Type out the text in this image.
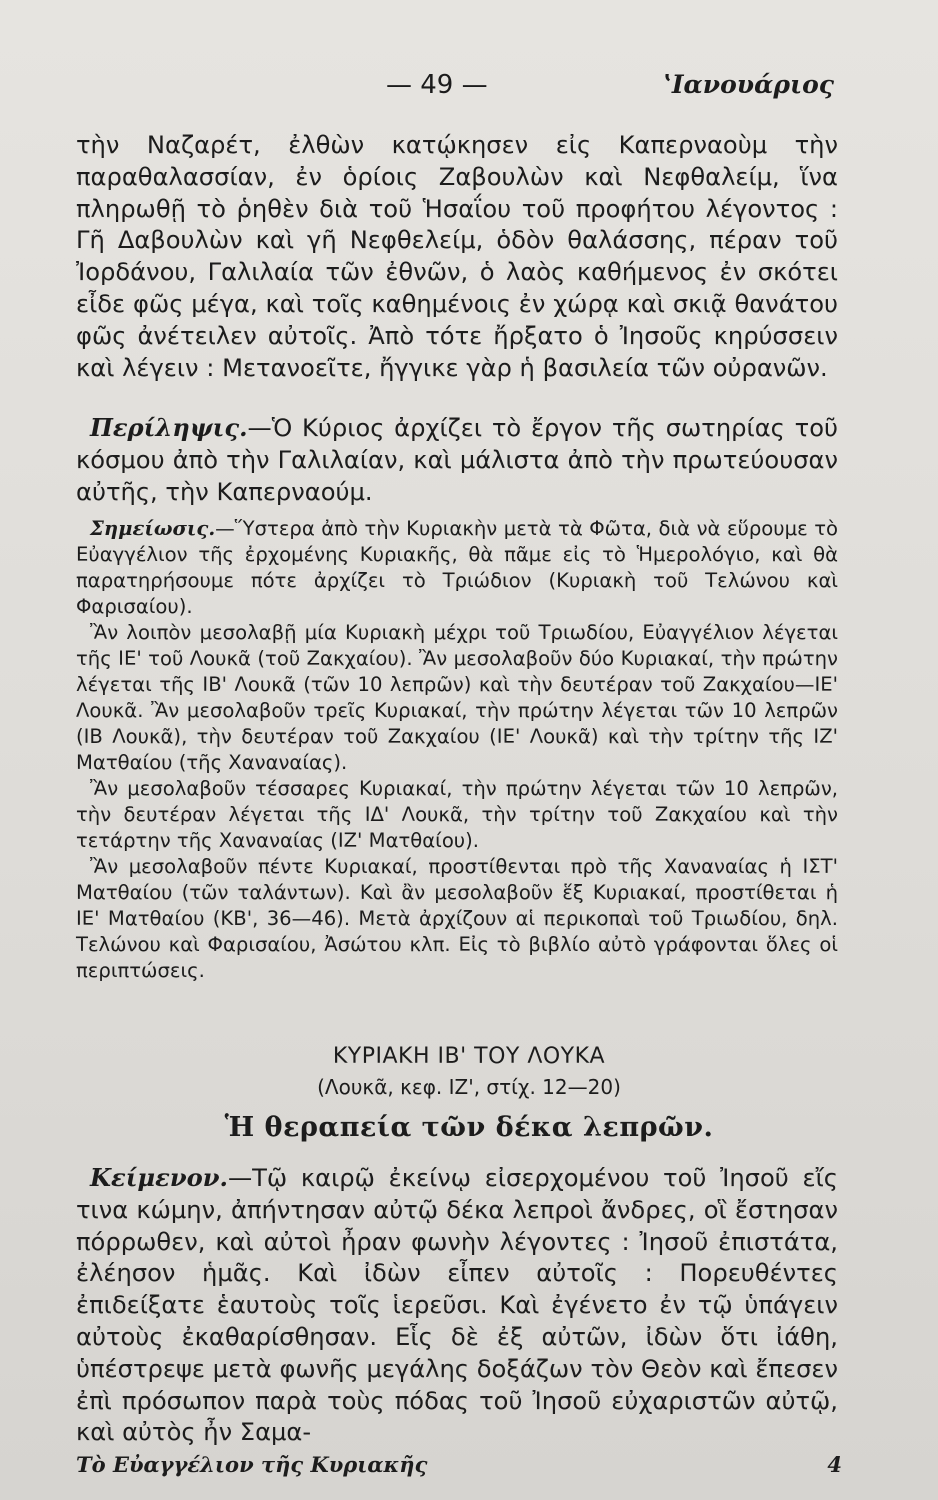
— 49 —	ʽΙανουάριος
τὴν Ναζαρέτ, ἐλθὼν κατῴκησεν εἰς Καπερναοὺμ τὴν παραθαλασσίαν, ἐν ὁρίοις Ζαβουλὼν καὶ Νεφθαλείμ, ἵνα πληρωθῇ τὸ ῥηθὲν διὰ τοῦ Ἡσαΐου τοῦ προφήτου λέγοντος : Γῆ Δαβουλὼν καὶ γῆ Νεφθελείμ, ὁδὸν θαλάσσης, πέραν τοῦ Ἰορδάνου, Γαλιλαία τῶν ἐθνῶν, ὁ λαὸς καθήμενος ἐν σκότει εἶδε φῶς μέγα, καὶ τοῖς καθημένοις ἐν χώρᾳ καὶ σκιᾷ θανάτου φῶς ἀνέτειλεν αὐτοῖς. Ἀπὸ τότε ἤρξατο ὁ Ἰησοῦς κηρύσσειν καὶ λέγειν : Μετανοεῖτε, ἤγγικε γὰρ ἡ βασιλεία τῶν οὐρανῶν.
Περίληψις.—Ὁ Κύριος ἀρχίζει τὸ ἔργον τῆς σωτηρίας τοῦ κόσμου ἀπὸ τὴν Γαλιλαίαν, καὶ μάλιστα ἀπὸ τὴν πρωτεύουσαν αὐτῆς, τὴν Καπερναούμ.

Σημείωσις.—Ὕστερα ἀπὸ τὴν Κυριακὴν μετὰ τὰ Φῶτα, διὰ νὰ εὕρουμε τὸ Εὐαγγέλιον τῆς ἐρχομένης Κυριακῆς, θὰ πᾶμε εἰς τὸ Ἡμερολόγιο, καὶ θὰ παρατηρήσουμε πότε ἀρχίζει τὸ Τριώδιον (Κυριακὴ τοῦ Τελώνου καὶ Φαρισαίου).

Ἂν λοιπὸν μεσολαβῇ μία Κυριακὴ μέχρι τοῦ Τριωδίου, Εὐαγγέλιον λέγεται τῆς ΙΕ' τοῦ Λουκᾶ (τοῦ Ζακχαίου). Ἂν μεσολαβοῦν δύο Κυριακαί, τὴν πρώτην λέγεται τῆς ΙΒ' Λουκᾶ (τῶν 10 λεπρῶν) καὶ τὴν δευτέραν τοῦ Ζακχαίου—ΙΕ' Λουκᾶ. Ἂν μεσολαβοῦν τρεῖς Κυριακαί, τὴν πρώτην λέγεται τῶν 10 λεπρῶν (ΙΒ Λουκᾶ), τὴν δευτέραν τοῦ Ζακχαίου (ΙΕ' Λουκᾶ) καὶ τὴν τρίτην τῆς ΙΖ' Ματθαίου (τῆς Χαναναίας).

Ἂν μεσολαβοῦν τέσσαρες Κυριακαί, τὴν πρώτην λέγεται τῶν 10 λεπρῶν, τὴν δευτέραν λέγεται τῆς ΙΔ' Λουκᾶ, τὴν τρίτην τοῦ Ζακχαίου καὶ τὴν τετάρτην τῆς Χαναναίας (ΙΖ' Ματθαίου).

Ἂν μεσολαβοῦν πέντε Κυριακαί, προστίθενται πρὸ τῆς Χαναναίας ἡ ΙΣΤ' Ματθαίου (τῶν ταλάντων). Καὶ ἂν μεσολαβοῦν ἕξ Κυριακαί, προστίθεται ἡ ΙΕ' Ματθαίου (ΚΒ', 36—46). Μετὰ ἀρχίζουν αἱ περικοπαὶ τοῦ Τριωδίου, δηλ. Τελώνου καὶ Φαρισαίου, Ἀσώτου κλπ. Εἰς τὸ βιβλίο αὐτὸ γράφονται ὅλες οἱ περιπτώσεις.

ΚΥΡΙΑΚΗ ΙΒ' ΤΟΥ ΛΟΥΚΑ
(Λουκᾶ, κεφ. ΙΖ', στίχ. 12—20)
Ἡ θεραπεία τῶν δέκα λεπρῶν.
Κείμενον.—Τῷ καιρῷ ἐκείνῳ εἰσερχομένου τοῦ Ἰησοῦ εἴς τινα κώμην, ἀπήντησαν αὐτῷ δέκα λεπροὶ ἄνδρες, οἳ ἔστησαν πόρρωθεν, καὶ αὐτοὶ ἦραν φωνὴν λέγοντες : Ἰησοῦ ἐπιστάτα, ἐλέησον ἡμᾶς. Καὶ ἰδὼν εἶπεν αὐτοῖς : Πορευθέντες ἐπιδείξατε ἑαυτοὺς τοῖς ἱερεῦσι. Καὶ ἐγένετο ἐν τῷ ὑπάγειν αὐτοὺς ἐκαθαρίσθησαν. Εἷς δὲ ἐξ αὐτῶν, ἰδὼν ὅτι ἰάθη, ὑπέστρεψε μετὰ φωνῆς μεγάλης δοξάζων τὸν Θεὸν καὶ ἔπεσεν ἐπὶ πρόσωπον παρὰ τοὺς πόδας τοῦ Ἰησοῦ εὐχαριστῶν αὐτῷ, καὶ αὐτὸς ἦν Σαμα-
Τὸ Εὐαγγέλιον τῆς Κυριακῆς	4
